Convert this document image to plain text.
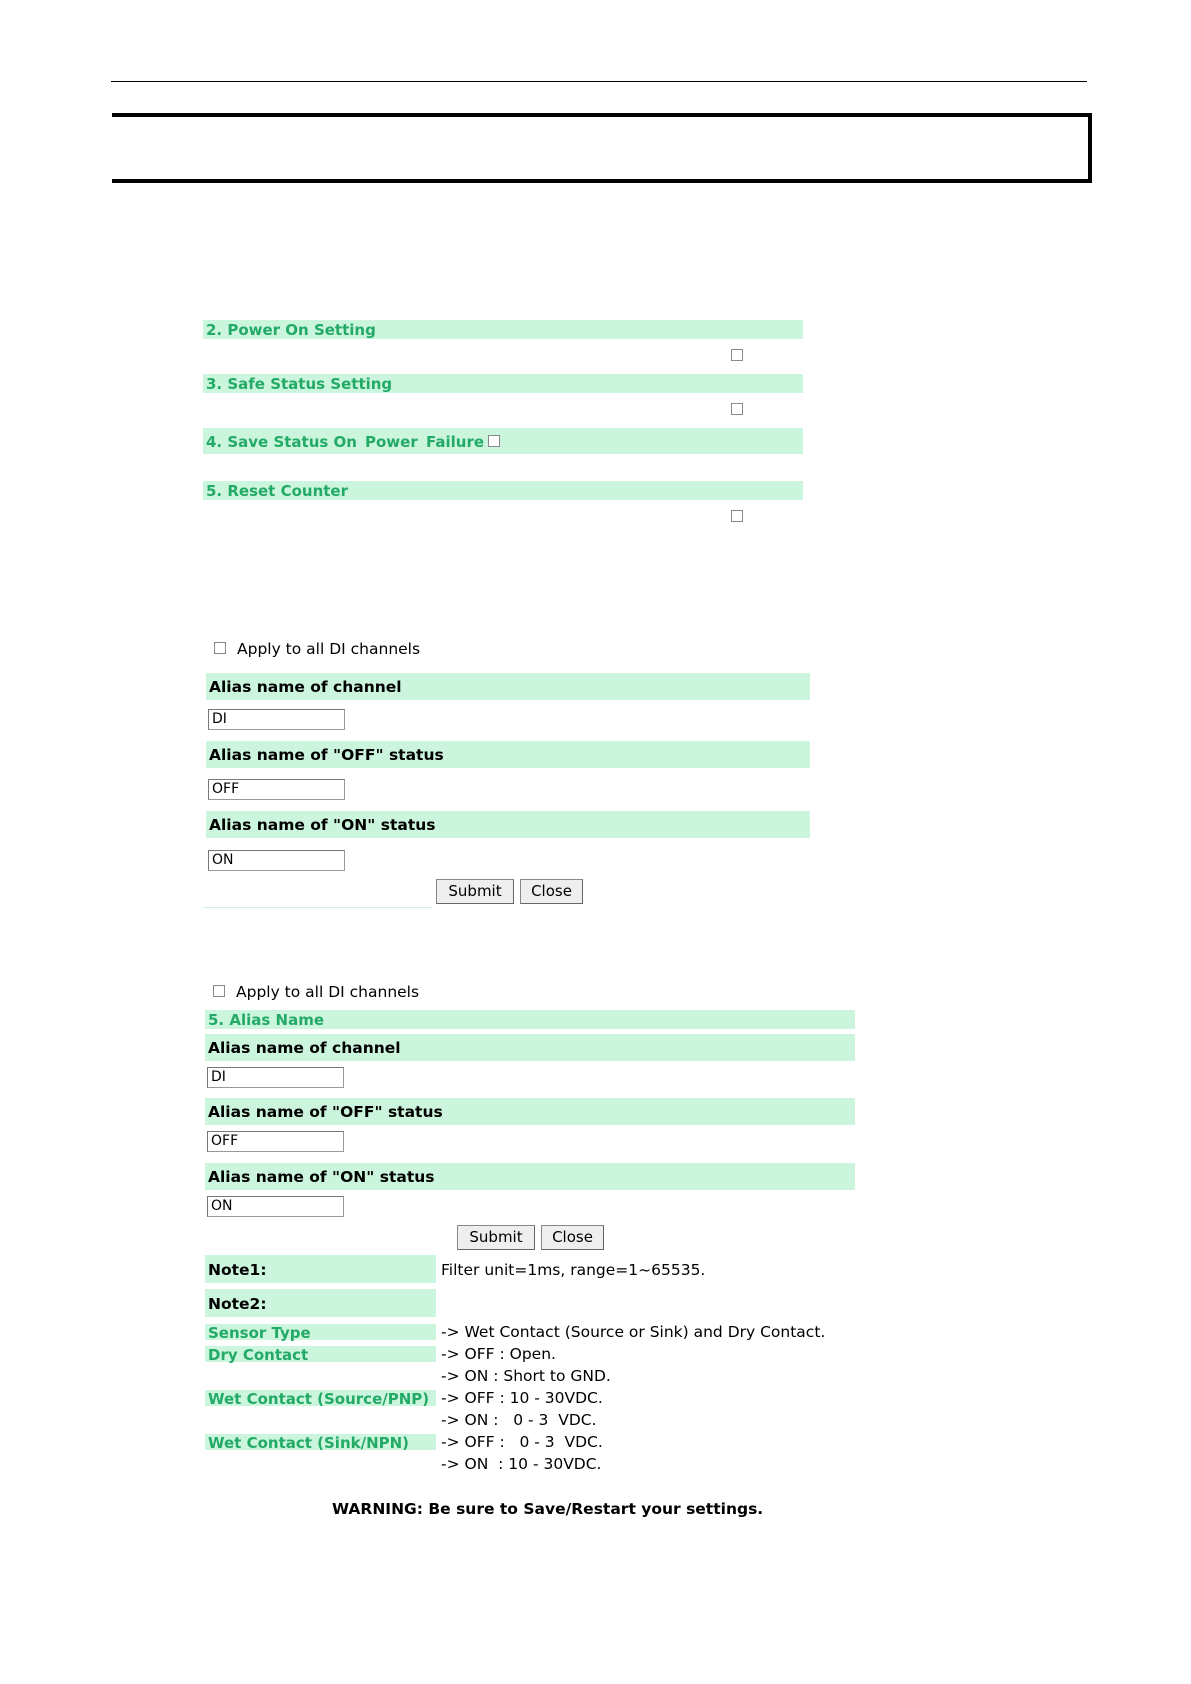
2. Power On Setting
3. Safe Status Setting
4. Save Status On Power Failure
5. Reset Counter
Apply to all DI channels
Alias name of channel
DI
Alias name of "OFF" status
OFF
Alias name of "ON" status
ON
Submit	Close
Apply to all DI channels
5. Alias Name
Alias name of channel
DI
Alias name of "OFF" status
OFF
Alias name of "ON" status
ON
Submit	Close
Note1:	Filter unit=1ms, range=1~65535.
Note2:
Sensor Type	-> Wet Contact (Source or Sink) and Dry Contact.
Dry Contact	-> OFF : Open.
-> ON : Short to GND.
Wet Contact (Source/PNP) -> OFF : 10 - 30VDC.
-> ON :   0 - 3  VDC.
Wet Contact (Sink/NPN) -> OFF :   0 - 3  VDC.
-> ON  : 10 - 30VDC.
WARNING: Be sure to Save/Restart your settings.
